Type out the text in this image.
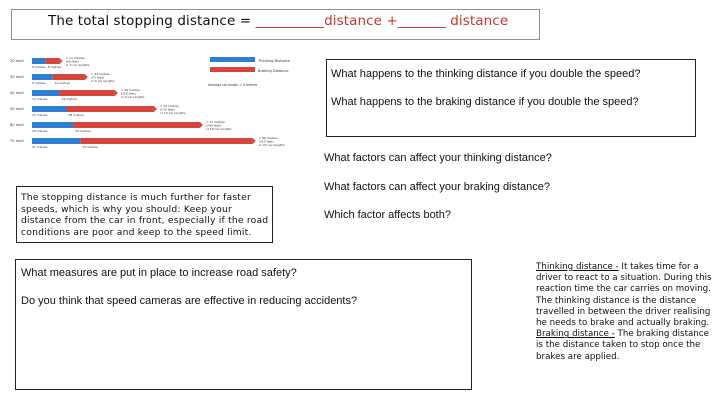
The total stopping distance = __________distance +_______ distance
Thinking Distance
Braking Distance
Average car length = 4 metres
20 mph
6 metres 6 metres
= 12 metres
(40 feet)
or 3 car lengths
30 mph
9 metres	14 metres
= 23 metres
(75 feet)
or 6 car lengths
40 mph
12 metres	24 metres
= 36 metres
(118 feet)
or 9 car lengths
50 mph
15 metres	38 metres
= 53 metres
(175 feet)
or 13 car lengths
60 mph
18 metres	55 metres
= 73 metres
(240 feet)
or 18 car lengths
70 mph
21 metres	75 metres
= 96 metres
(315 feet)
or 24 car lengths

What happens to the thinking distance if you double the speed?

What happens to the braking distance if you double the speed?

What factors can affect your thinking distance?
What factors can affect your braking distance?
Which factor affects both?
The stopping distance is much further for faster speeds, which is why you should: Keep your distance from the car in front, especially if the road conditions are poor and keep to the speed limit.

What measures are put in place to increase road safety?

Do you think that speed cameras are effective in reducing accidents?

Thinking distance - It takes time for a driver to react to a situation. During this reaction time the car carries on moving. The thinking distance is the distance travelled in between the driver realising he needs to brake and actually braking.
Braking distance - The braking distance is the distance taken to stop once the brakes are applied.
